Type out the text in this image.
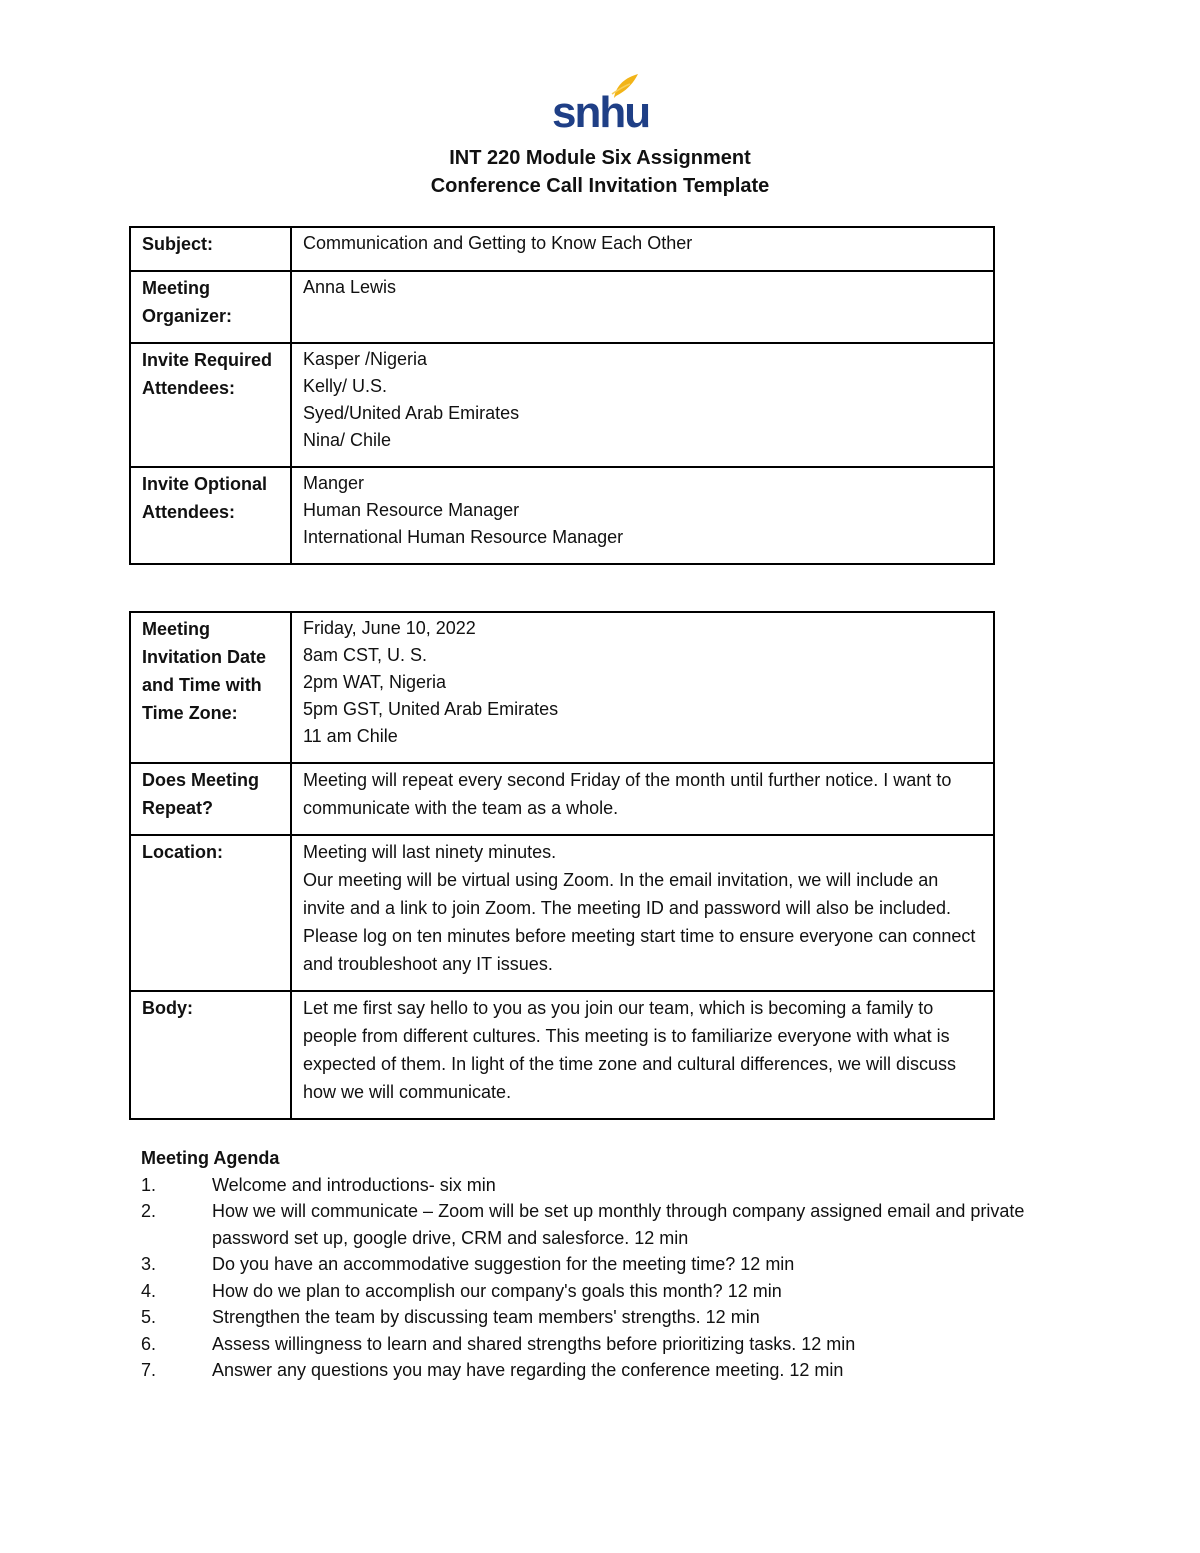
snhu
INT 220 Module Six Assignment
Conference Call Invitation Template
Subject:	Communication and Getting to Know Each Other

Meeting Organizer:	Anna Lewis

Invite Required Attendees:	Kasper /Nigeria
Kelly/ U.S.
Syed/United Arab Emirates
Nina/ Chile

Invite Optional Attendees:	Manger
Human Resource Manager
International Human Resource Manager
Meeting Invitation Date and Time with Time Zone:	Friday, June 10, 2022
8am CST, U. S.
2pm WAT, Nigeria
5pm GST, United Arab Emirates
11 am Chile

Does Meeting Repeat?	Meeting will repeat every second Friday of the month until further notice. I want to communicate with the team as a whole.

Location:	Meeting will last ninety minutes.
Our meeting will be virtual using Zoom. In the email invitation, we will include an invite and a link to join Zoom. The meeting ID and password will also be included. Please log on ten minutes before meeting start time to ensure everyone can connect and troubleshoot any IT issues.

Body:	Let me first say hello to you as you join our team, which is becoming a family to people from different cultures. This meeting is to familiarize everyone with what is expected of them. In light of the time zone and cultural differences, we will discuss how we will communicate.
Meeting Agenda
1.	Welcome and introductions- six min
2.	How we will communicate – Zoom will be set up monthly through company assigned email and private password set up, google drive, CRM and salesforce. 12 min
3.	Do you have an accommodative suggestion for the meeting time? 12 min
4.	How do we plan to accomplish our company's goals this month? 12 min
5.	Strengthen the team by discussing team members' strengths. 12 min
6.	Assess willingness to learn and shared strengths before prioritizing tasks. 12 min
7.	Answer any questions you may have regarding the conference meeting. 12 min
